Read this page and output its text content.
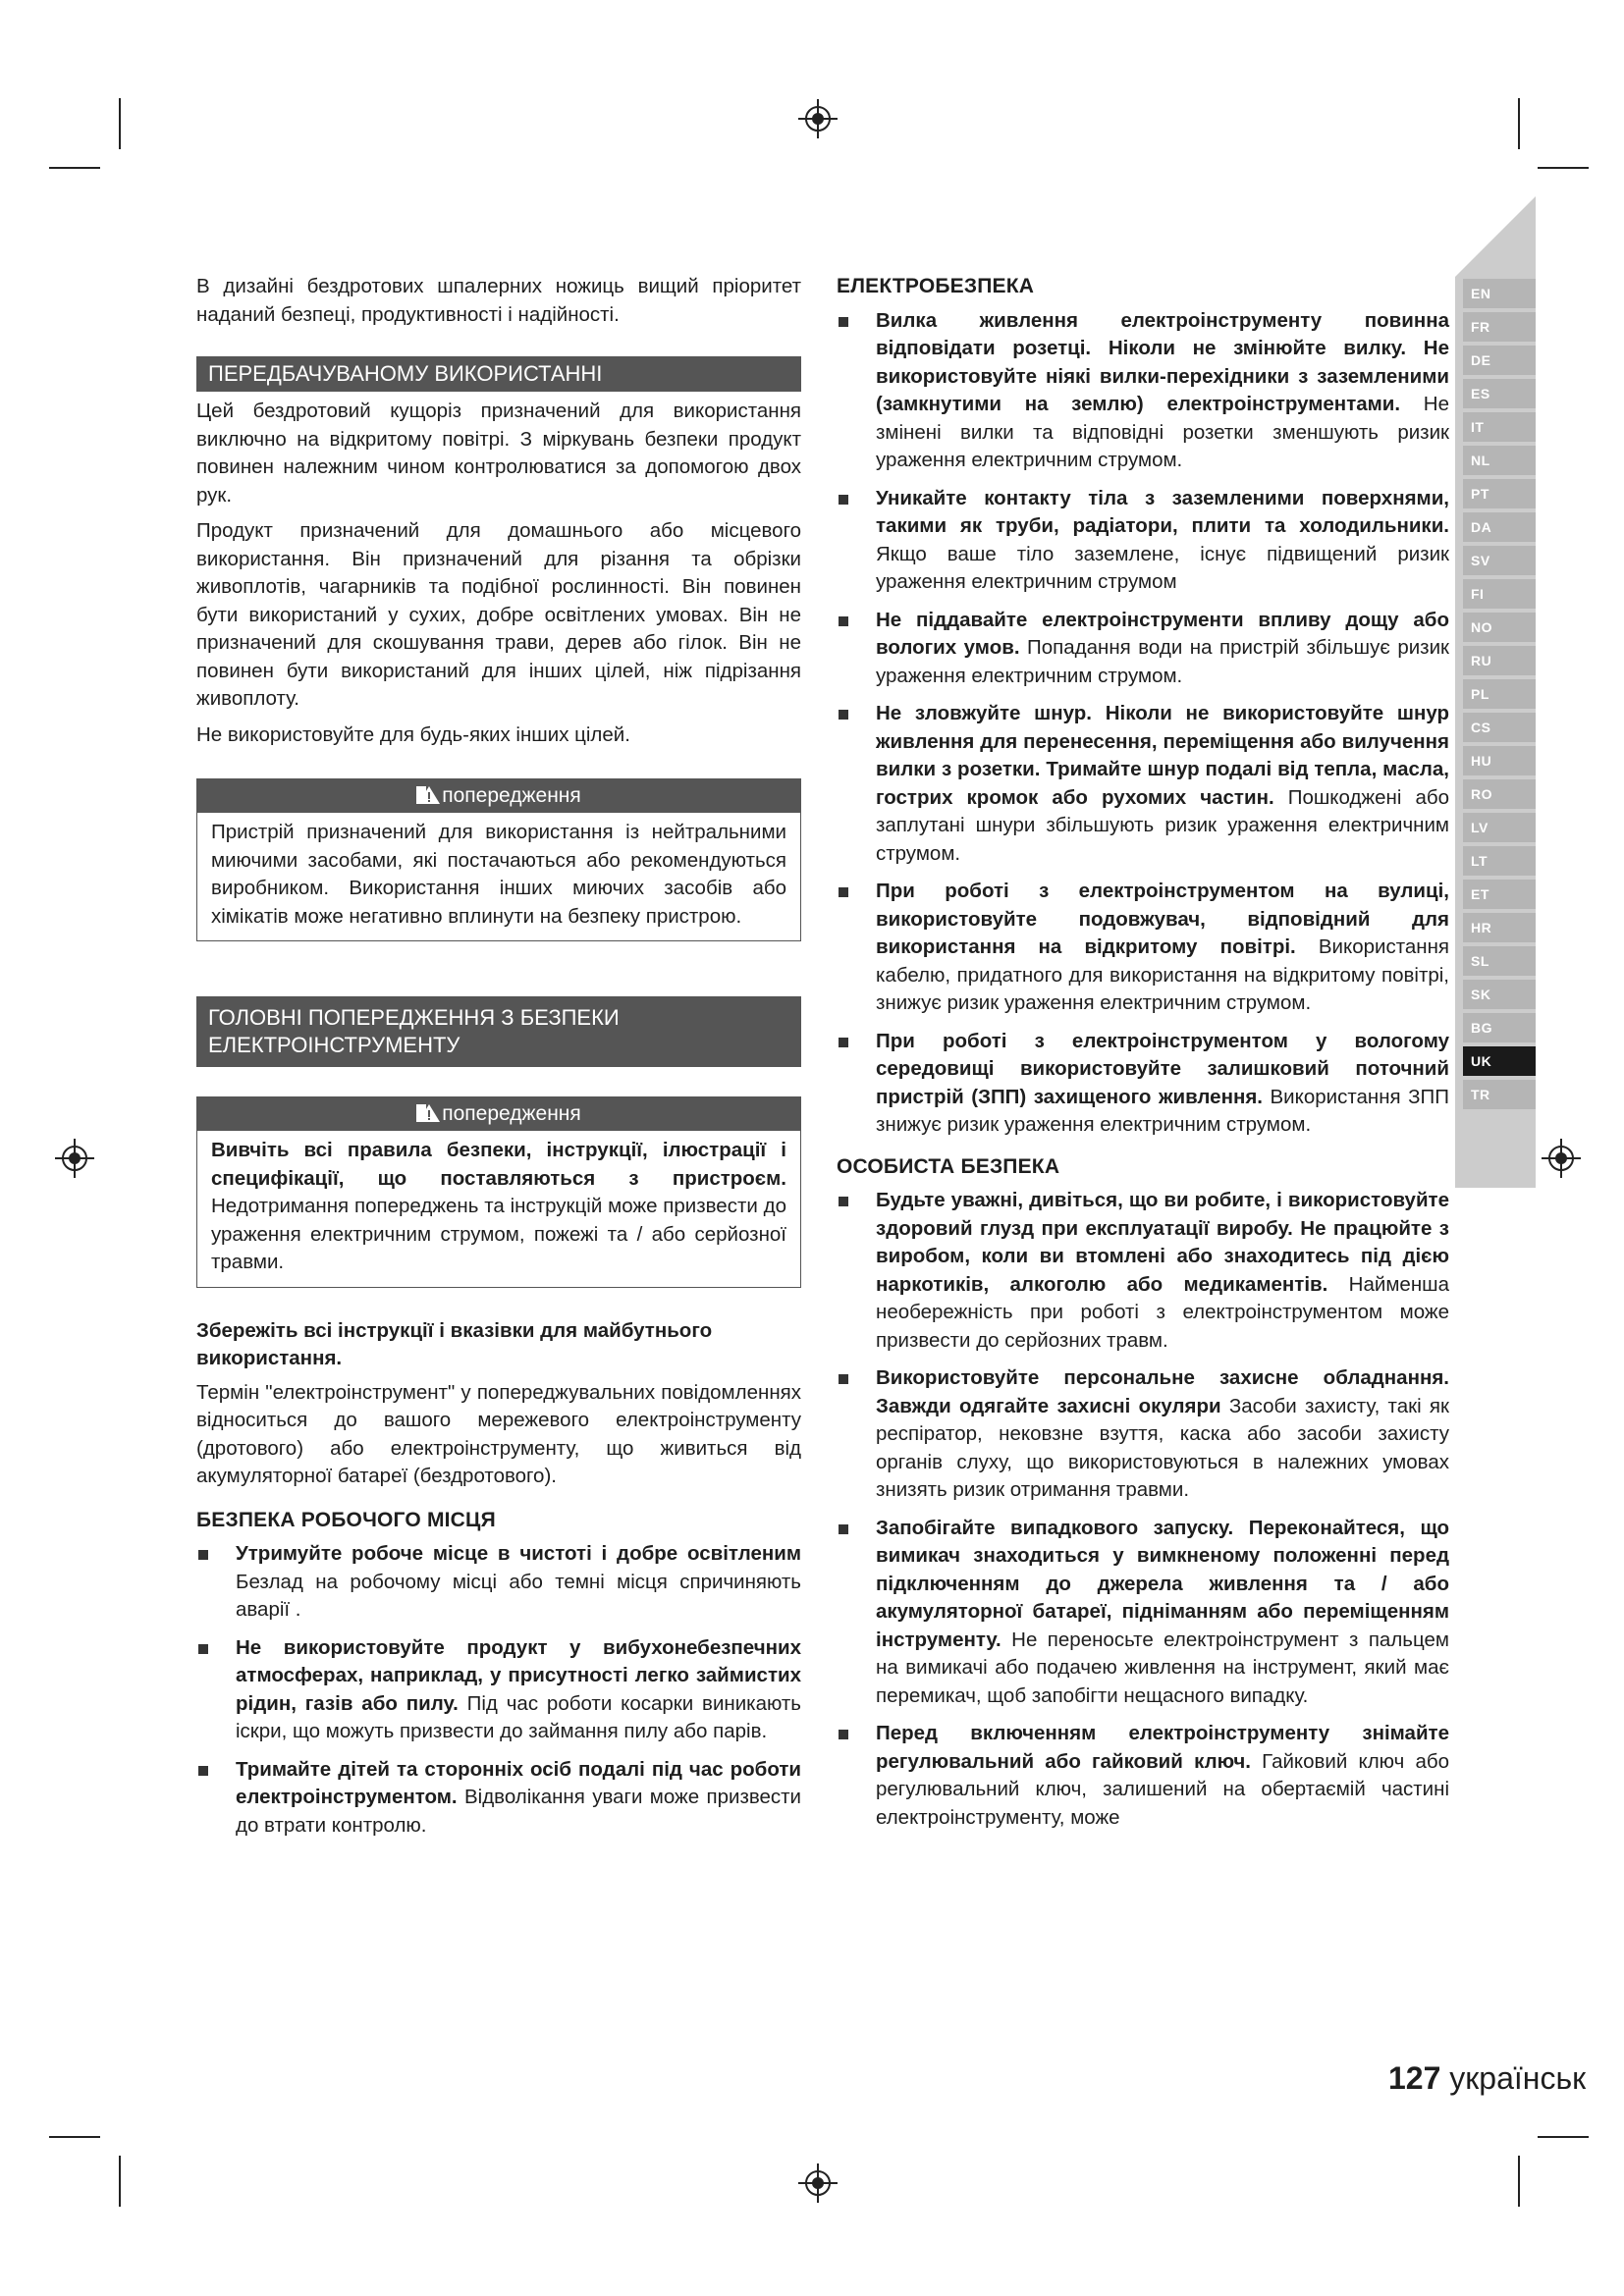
EN
FR
DE
ES
IT
NL
PT
DA
SV
FI
NO
RU
PL
CS
HU
RO
LV
LT
ET
HR
SL
SK
BG
UK
TR

В дизайні бездротових шпалерних ножиць вищий пріоритет наданий безпеці, продуктивності і надійності.

ПЕРЕДБАЧУВАНОМУ ВИКОРИСТАННІ

Цей бездротовий кущоріз призначений для використання виключно на відкритому повітрі. З міркувань безпеки продукт повинен належним чином контролюватися за допомогою двох рук.

Продукт призначений для домашнього або місцевого використання. Він призначений для різання та обрізки живоплотів, чагарників та подібної рослинності. Він повинен бути використаний у сухих, добре освітлених умовах. Він не призначений для скошування трави, дерев або гілок. Він не повинен бути використаний для інших цілей, ніж підрізання живоплоту.

Не використовуйте для будь-яких інших цілей.

попередження
Пристрій призначений для використання із нейтральними миючими засобами, які постачаються або рекомендуються виробником. Використання інших миючих засобів або хімікатів може негативно вплинути на безпеку пристрою.
ГОЛОВНІ ПОПЕРЕДЖЕННЯ З БЕЗПЕКИ
ЕЛЕКТРОІНСТРУМЕНТУ
попередження
Вивчіть всі правила безпеки, інструкції, ілюстрації і специфікації, що поставляються з пристроєм. Недотримання попереджень та інструкцій може призвести до ураження електричним струмом, пожежі та / або серйозної травми.
Збережіть всі інструкції і вказівки для майбутнього використання.

Термін "електроінструмент" у попереджувальних повідомленнях відноситься до вашого мережевого електроінструменту (дротового) або електроінструменту, що живиться від акумуляторної батареї (бездротового).

БЕЗПЕКА РОБОЧОГО МІСЦЯ
Утримуйте робоче місце в чистоті і добре освітленим Безлад на робочому місці або темні місця спричиняють аварії .
Не використовуйте продукт у вибухонебезпечних атмосферах, наприклад, у присутності легко займистих рідин, газів або пилу. Під час роботи косарки виникають іскри, що можуть призвести до займання пилу або парів.
Тримайте дітей та сторонніх осіб подалі під час роботи електроінструментом. Відволікання уваги може призвести до втрати контролю.
ЕЛЕКТРОБЕЗПЕКА
Вилка живлення електроінструменту повинна відповідати розетці. Ніколи не змінюйте вилку. Не використовуйте ніякі вилки-перехідники з заземленими (замкнутими на землю) електроінструментами. Не змінені вилки та відповідні розетки зменшують ризик ураження електричним струмом.
Уникайте контакту тіла з заземленими поверхнями, такими як труби, радіатори, плити та холодильники. Якщо ваше тіло заземлене, існує підвищений ризик ураження електричним струмом
Не піддавайте електроінструменти впливу дощу або вологих умов. Попадання води на пристрій збільшує ризик ураження електричним струмом.
Не зловжуйте шнур. Ніколи не використовуйте шнур живлення для перенесення, переміщення або вилучення вилки з розетки. Тримайте шнур подалі від тепла, масла, гострих кромок або рухомих частин. Пошкоджені або заплутані шнури збільшують ризик ураження електричним струмом.
При роботі з електроінструментом на вулиці, використовуйте подовжувач, відповідний для використання на відкритому повітрі. Використання кабелю, придатного для використання на відкритому повітрі, знижує ризик ураження електричним струмом.
При роботі з електроінструментом у вологому середовищі використовуйте залишковий поточний пристрій (ЗПП) захищеного живлення. Використання ЗПП знижує ризик ураження електричним струмом.
ОСОБИСТА БЕЗПЕКА
Будьте уважні, дивіться, що ви робите, і використовуйте здоровий глузд при експлуатації виробу. Не працюйте з виробом, коли ви втомлені або знаходитесь під дією наркотиків, алкоголю або медикаментів. Найменша необережність при роботі з електроінструментом може призвести до серйозних травм.
Використовуйте персональне захисне обладнання. Завжди одягайте захисні окуляри Засоби захисту, такі як респіратор, нековзне взуття, каска або засоби захисту органів слуху, що використовуються в належних умовах знизять ризик отримання травми.
Запобігайте випадкового запуску. Переконайтеся, що вимикач знаходиться у вимкненому положенні перед підключенням до джерела живлення та / або акумуляторної батареї, підніманням або переміщенням інструменту. Не переносьте електроінструмент з пальцем на вимикачі або подачею живлення на інструмент, який має перемикач, щоб запобігти нещасного випадку.
Перед включенням електроінструменту знімайте регулювальний або гайковий ключ. Гайковий ключ або регулювальний ключ, залишений на обертаємій частині електроінструменту, може
127 українськ
